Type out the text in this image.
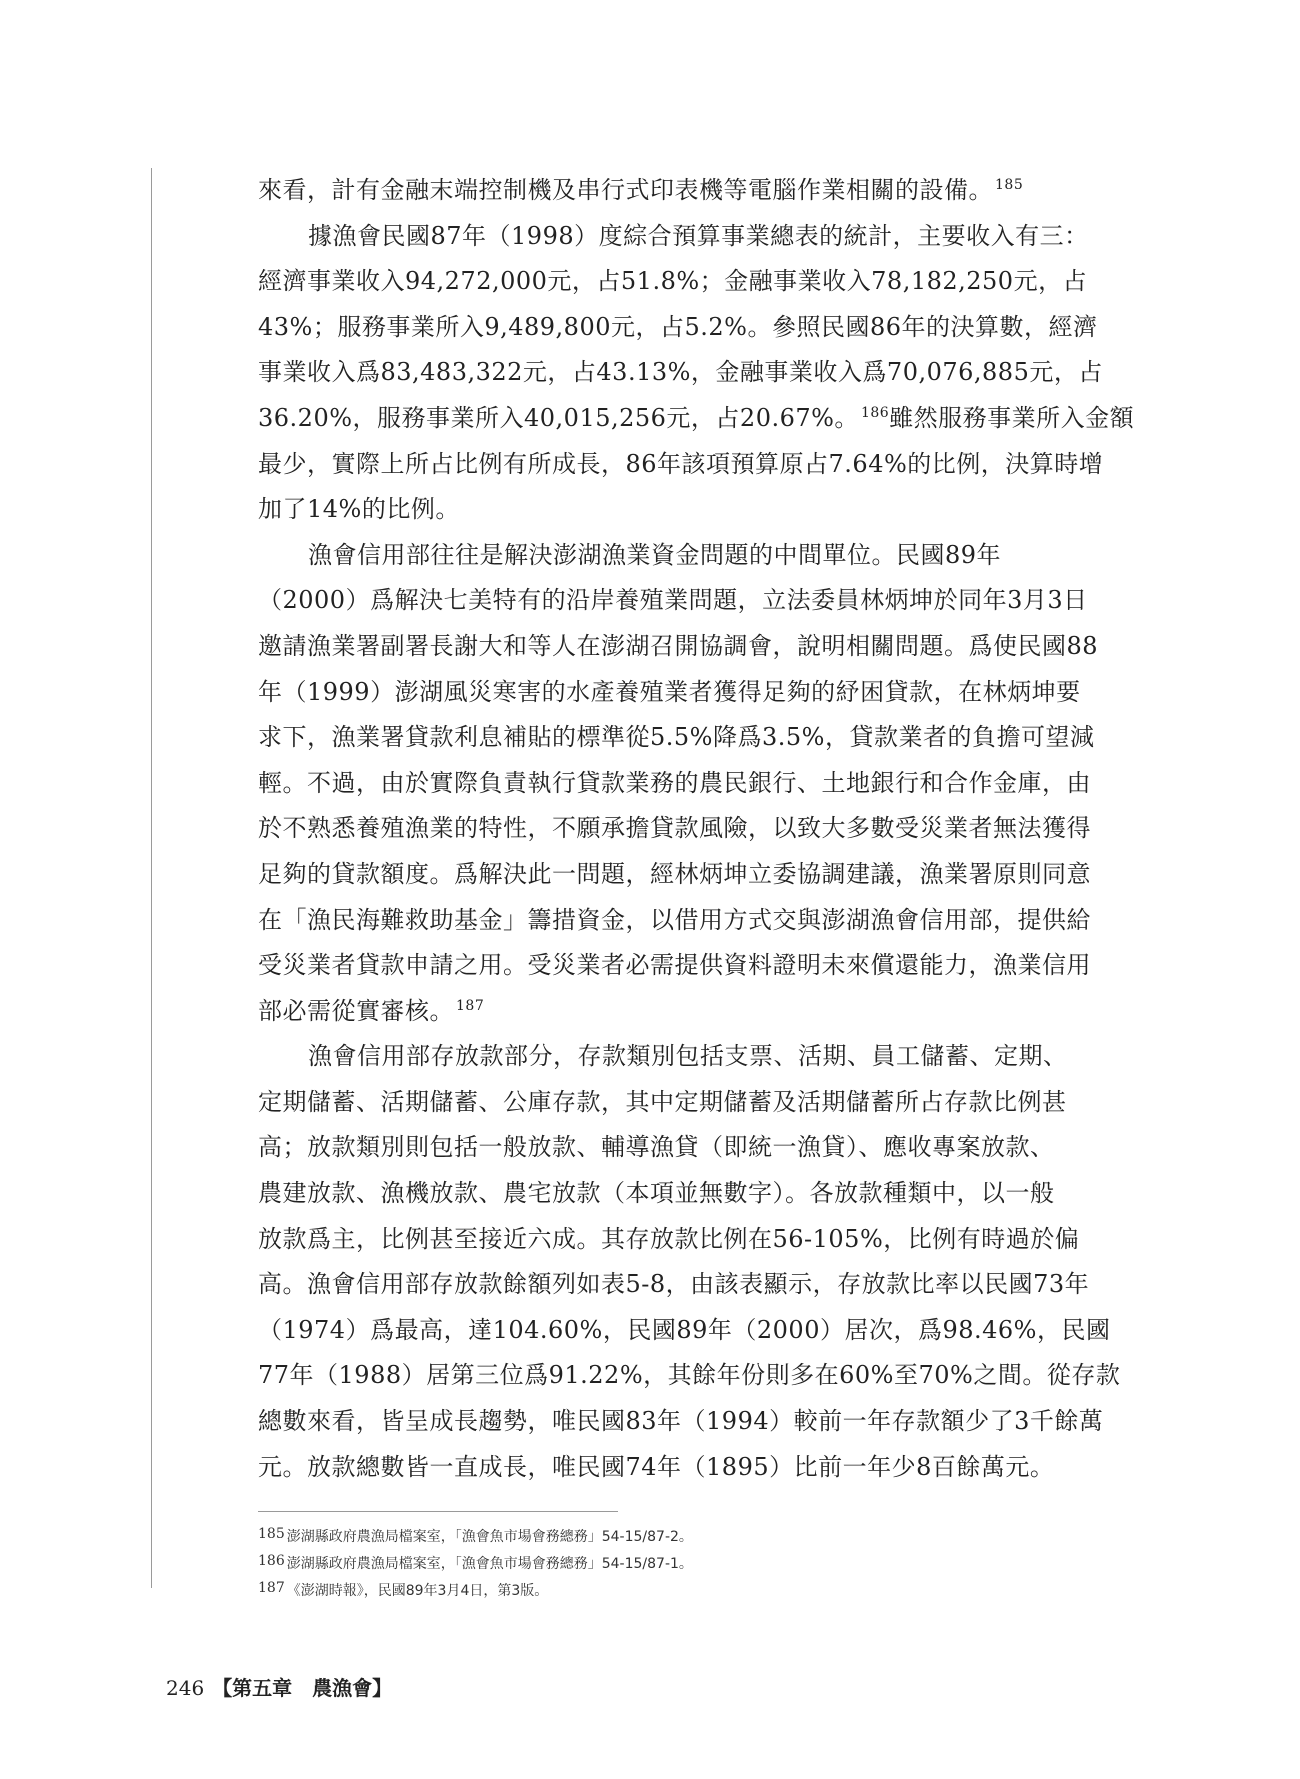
來看，計有金融末端控制機及串行式印表機等電腦作業相關的設備。 $^{185}$

據漁會民國87年（1998）度綜合預算事業總表的統計，主要收入有三：
經濟事業收入94,272,000元，占51.8%；金融事業收入78,182,250元，占
43%；服務事業所入9,489,800元，占5.2%。參照民國86年的決算數，經濟
事業收入爲83,483,322元，占43.13%，金融事業收入爲70,076,885元，占
36.20%，服務事業所入40,015,256元，占20.67%。 $^{186}$雖然服務事業所入金額
最少，實際上所占比例有所成長，86年該項預算原占7.64%的比例，決算時增
加了14%的比例。

漁會信用部往往是解決澎湖漁業資金問題的中間單位。民國89年
（2000）爲解決七美特有的沿岸養殖業問題，立法委員林炳坤於同年3月3日
邀請漁業署副署長謝大和等人在澎湖召開協調會，說明相關問題。爲使民國88
年（1999）澎湖風災寒害的水產養殖業者獲得足夠的紓困貸款，在林炳坤要
求下，漁業署貸款利息補貼的標準從5.5%降爲3.5%，貸款業者的負擔可望減
輕。不過，由於實際負責執行貸款業務的農民銀行、土地銀行和合作金庫，由
於不熟悉養殖漁業的特性，不願承擔貸款風險，以致大多數受災業者無法獲得
足夠的貸款額度。爲解決此一問題，經林炳坤立委協調建議，漁業署原則同意
在「漁民海難救助基金」籌措資金，以借用方式交與澎湖漁會信用部，提供給
受災業者貸款申請之用。受災業者必需提供資料證明未來償還能力，漁業信用
部必需從實審核。 $^{187}$

漁會信用部存放款部分，存款類別包括支票、活期、員工儲蓄、定期、
定期儲蓄、活期儲蓄、公庫存款，其中定期儲蓄及活期儲蓄所占存款比例甚
高；放款類別則包括一般放款、輔導漁貸（即統一漁貸）、應收專案放款、
農建放款、漁機放款、農宅放款（本項並無數字）。各放款種類中，以一般
放款爲主，比例甚至接近六成。其存放款比例在56-105%，比例有時過於偏
高。漁會信用部存放款餘額列如表5-8，由該表顯示，存放款比率以民國73年
（1974）爲最高，達104.60%，民國89年（2000）居次，爲98.46%，民國
77年（1988）居第三位爲91.22%，其餘年份則多在60%至70%之間。從存款
總數來看，皆呈成長趨勢，唯民國83年（1994）較前一年存款額少了3千餘萬
元。放款總數皆一直成長，唯民國74年（1895）比前一年少8百餘萬元。

185 澎湖縣政府農漁局檔案室，「漁會魚市場會務總務」54-15/87-2。

186 澎湖縣政府農漁局檔案室，「漁會魚市場會務總務」54-15/87-1。

187 《澎湖時報》，民國89年3月4日，第3版。

246 【第五章　農漁會】
